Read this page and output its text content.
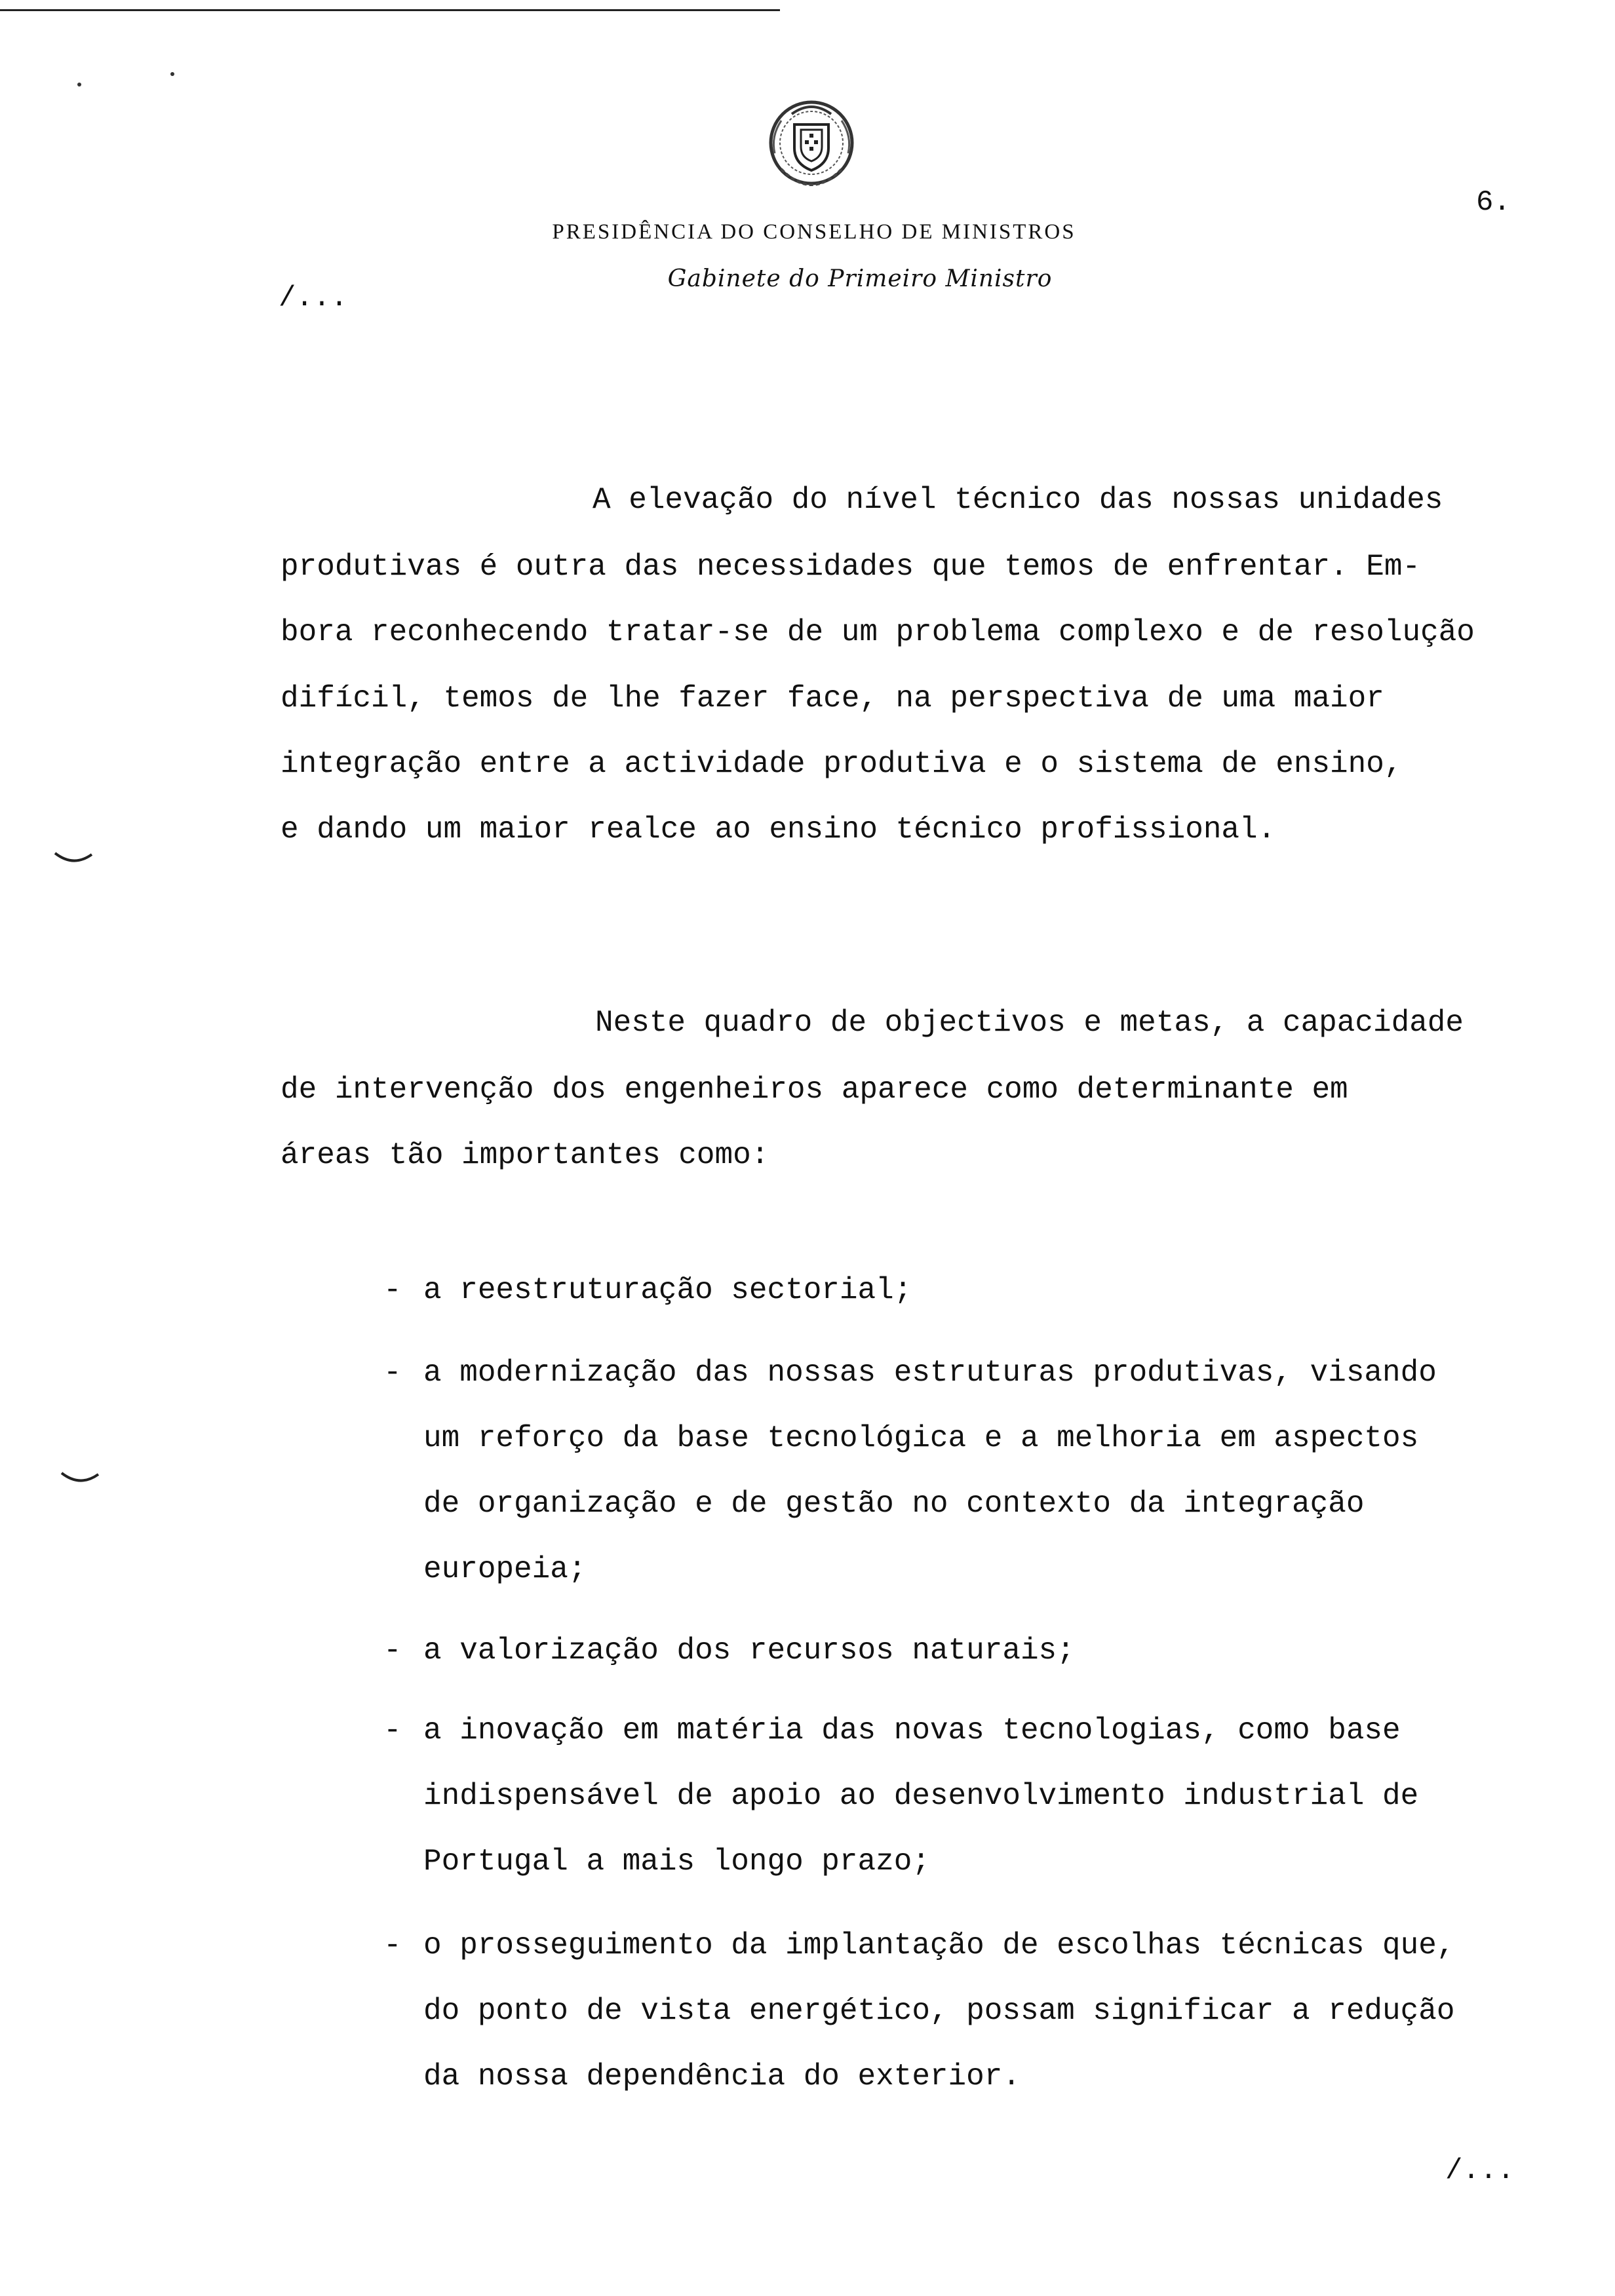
6.
PRESIDÊNCIA DO CONSELHO DE MINISTROS
Gabinete do Primeiro Ministro
/...
A elevação do nível técnico das nossas unidades
produtivas é outra das necessidades que temos de enfrentar. Em-
bora reconhecendo tratar-se de um problema complexo e de resolução
difícil, temos de lhe fazer face, na perspectiva de uma maior
integração entre a actividade produtiva e o sistema de ensino,
e dando um maior realce ao ensino técnico profissional.
Neste quadro de objectivos e metas, a capacidade
de intervenção dos engenheiros aparece como determinante em
áreas tão importantes como:
- a reestruturação sectorial;
- a modernização das nossas estruturas produtivas, visando
um reforço da base tecnológica e a melhoria em aspectos
de organização e de gestão no contexto da integração
europeia;
- a valorização dos recursos naturais;
- a inovação em matéria das novas tecnologias, como base
indispensável de apoio ao desenvolvimento industrial de
Portugal a mais longo prazo;
- o prosseguimento da implantação de escolhas técnicas que,
do ponto de vista energético, possam significar a redução
da nossa dependência do exterior.
/...
